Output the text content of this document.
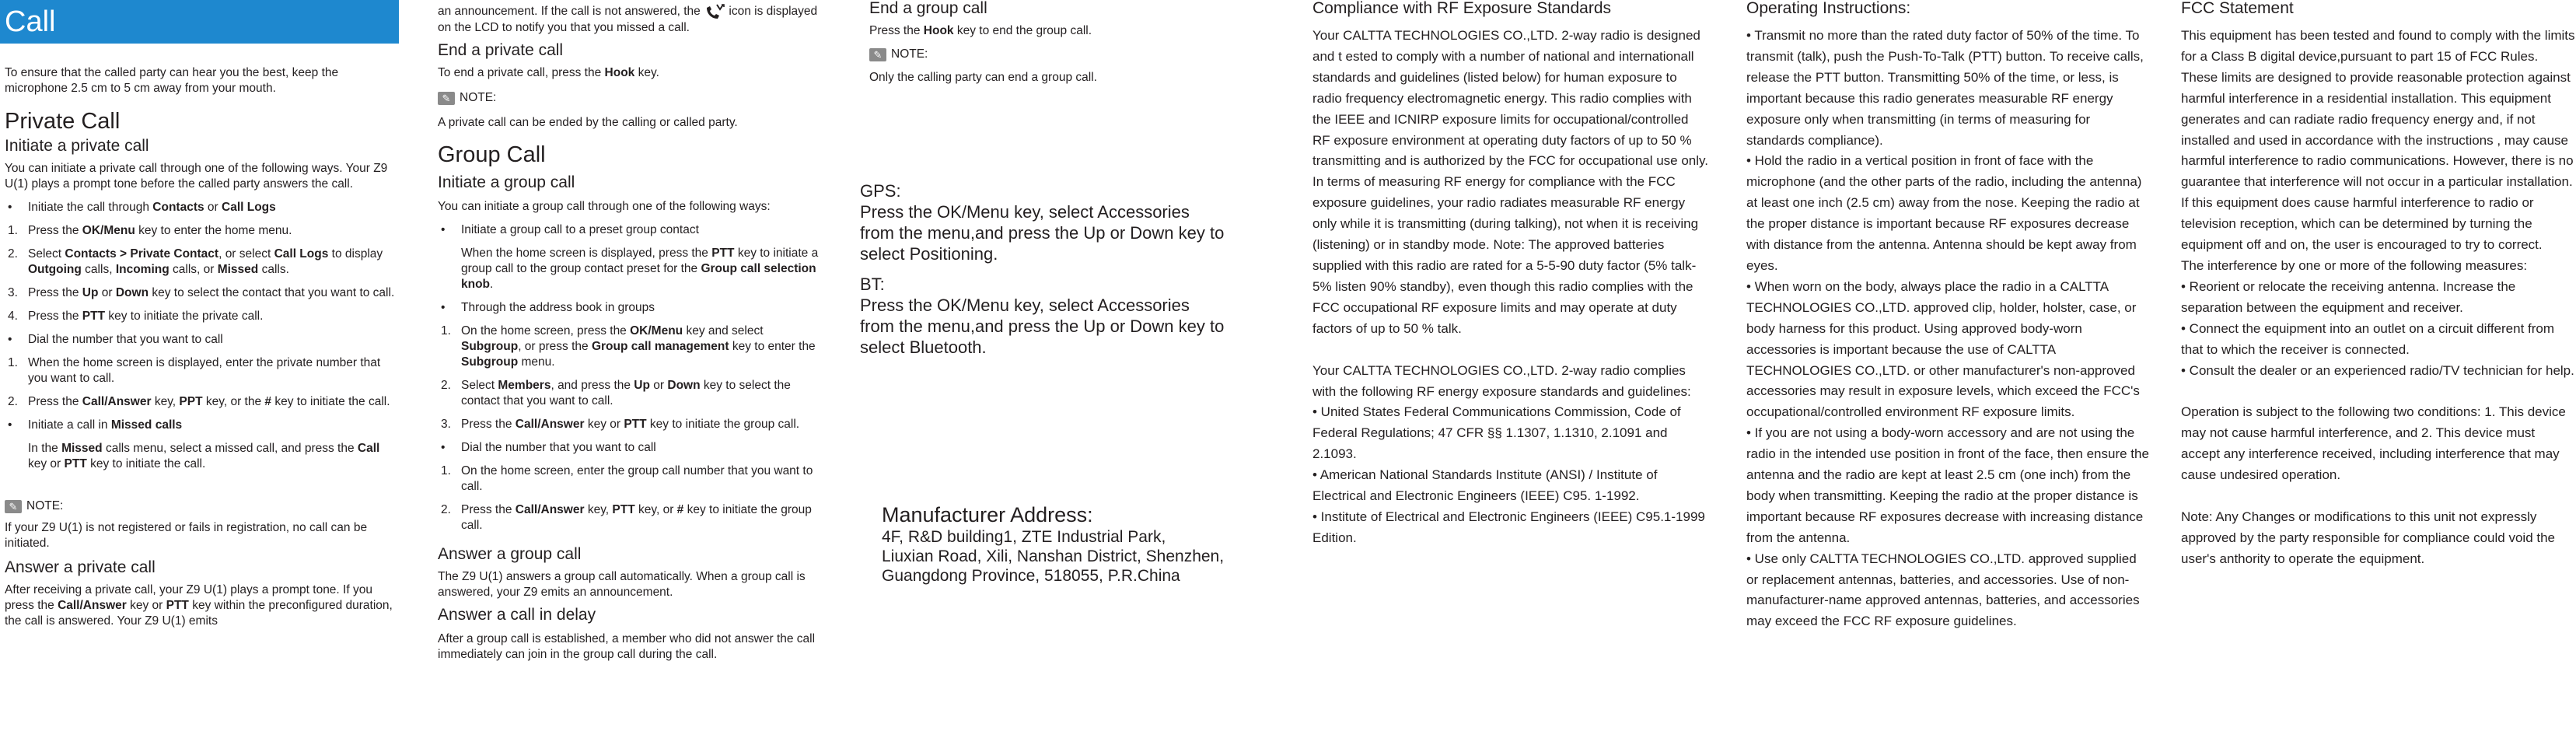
Call

To ensure that the called party can hear you the best, keep the microphone 2.5 cm to 5 cm away from your mouth.

Private Call
Initiate a private call

You can initiate a private call through one of the following ways. Your Z9 U(1) plays a prompt tone before the called party answers the call.

• Initiate the call through Contacts or Call Logs
1. Press the OK/Menu key to enter the home menu.
2. Select Contacts > Private Contact, or select Call Logs to display Outgoing calls, Incoming calls, or Missed calls.
3. Press the Up or Down key to select the contact that you want to call.
4. Press the PTT key to initiate the private call.
• Dial the number that you want to call
1. When the home screen is displayed, enter the private number that you want to call.
2. Press the Call/Answer key, PPT key, or the # key to initiate the call.
• Initiate a call in Missed calls
In the Missed calls menu, select a missed call, and press the Call key or PTT key to initiate the call.
✎ NOTE:

If your Z9 U(1) is not registered or fails in registration, no call can be initiated.

Answer a private call

After receiving a private call, your Z9 U(1) plays a prompt tone. If you press the Call/Answer key or PTT key within the preconfigured duration, the call is answered. Your Z9 U(1) emits

an announcement. If the call is not answered, the icon is displayed on the LCD to notify you that you missed a call.

End a private call

To end a private call, press the Hook key.

✎ NOTE:

A private call can be ended by the calling or called party.

Group Call
Initiate a group call

You can initiate a group call through one of the following ways:

• Initiate a group call to a preset group contact
When the home screen is displayed, press the PTT key to initiate a group call to the group contact preset for the Group call selection knob.
• Through the address book in groups
1. On the home screen, press the OK/Menu key and select Subgroup, or press the Group call management key to enter the Subgroup menu.
2. Select Members, and press the Up or Down key to select the contact that you want to call.
3. Press the Call/Answer key or PTT key to initiate the group call.
• Dial the number that you want to call
1. On the home screen, enter the group call number that you want to call.
2. Press the Call/Answer key, PTT key, or # key to initiate the group call.
Answer a group call

The Z9 U(1) answers a group call automatically. When a group call is answered, your Z9 emits an announcement.

Answer a call in delay

After a group call is established, a member who did not answer the call immediately can join in the group call during the call.

End a group call

Press the Hook key to end the group call.

✎ NOTE:

Only the calling party can end a group call.

GPS:
Press the OK/Menu key, select Accessories from the menu,and press the Up or Down key to select Positioning.
BT:
Press the OK/Menu key, select Accessories from the menu,and press the Up or Down key to select Bluetooth.
Manufacturer Address:
4F, R&D building1, ZTE Industrial Park,
Liuxian Road, Xili, Nanshan District, Shenzhen,
Guangdong Province, 518055, P.R.China
Compliance with RF Exposure Standards

Your CALTTA TECHNOLOGIES CO.,LTD. 2-way radio is designed and t ested to comply with a number of national and internationall standards and guidelines (listed below) for human exposure to radio frequency electromagnetic energy. This radio complies with the IEEE and ICNIRP exposure limits for occupational/controlled RF exposure environment at operating duty factors of up to 50 % transmitting and is authorized by the FCC for occupational use only. In terms of measuring RF energy for compliance with the FCC exposure guidelines, your radio radiates measurable RF energy only while it is transmitting (during talking), not when it is receiving (listening) or in standby mode. Note: The approved batteries supplied with this radio are rated for a 5-5-90 duty factor (5% talk-5% listen 90% standby), even though this radio complies with the FCC occupational RF exposure limits and may operate at duty factors of up to 50 % talk.

Your CALTTA TECHNOLOGIES CO.,LTD. 2-way radio complies with the following RF energy exposure standards and guidelines:

• United States Federal Communications Commission, Code of Federal Regulations; 47 CFR §§ 1.1307, 1.1310, 2.1091 and 2.1093.

• American National Standards Institute (ANSI) / Institute of Electrical and Electronic Engineers (IEEE) C95. 1-1992.

• Institute of Electrical and Electronic Engineers (IEEE) C95.1-1999 Edition.

Operating Instructions:

• Transmit no more than the rated duty factor of 50% of the time. To transmit (talk), push the Push-To-Talk (PTT) button. To receive calls, release the PTT button. Transmitting 50% of the time, or less, is important because this radio generates measurable RF energy exposure only when transmitting (in terms of measuring for standards compliance).

• Hold the radio in a vertical position in front of face with the microphone (and the other parts of the radio, including the antenna) at least one inch (2.5 cm) away from the nose. Keeping the radio at the proper distance is important because RF exposures decrease with distance from the antenna. Antenna should be kept away from eyes.

• When worn on the body, always place the radio in a CALTTA TECHNOLOGIES CO.,LTD. approved clip, holder, holster, case, or body harness for this product. Using approved body-worn accessories is important because the use of CALTTA TECHNOLOGIES CO.,LTD. or other manufacturer's non-approved accessories may result in exposure levels, which exceed the FCC's occupational/controlled environment RF exposure limits.

• If you are not using a body-worn accessory and are not using the radio in the intended use position in front of the face, then ensure the antenna and the radio are kept at least 2.5 cm (one inch) from the body when transmitting. Keeping the radio at the proper distance is important because RF exposures decrease with increasing distance from the antenna.

• Use only CALTTA TECHNOLOGIES CO.,LTD. approved supplied or replacement antennas, batteries, and accessories. Use of non-manufacturer-name approved antennas, batteries, and accessories may exceed the FCC RF exposure guidelines.

FCC Statement

This equipment has been tested and found to comply with the limits for a Class B digital device,pursuant to part 15 of FCC Rules. These limits are designed to provide reasonable protection against harmful interference in a residential installation. This equipment generates and can radiate radio frequency energy and, if not installed and used in accordance with the instructions , may cause harmful interference to radio communications. However, there is no guarantee that interference will not occur in a particular installation. If this equipment does cause harmful interference to radio or television reception, which can be determined by turning the equipment off and on, the user is encouraged to try to correct.

The interference by one or more of the following measures:

• Reorient or relocate the receiving antenna. Increase the separation between the equipment and receiver.

• Connect the equipment into an outlet on a circuit different from that to which the receiver is connected.

• Consult the dealer or an experienced radio/TV technician for help.

Operation is subject to the following two conditions: 1. This device may not cause harmful interference, and 2. This device must accept any interference received, including interference that may cause undesired operation.

Note: Any Changes or modifications to this unit not expressly approved by the party responsible for compliance could void the user's anthority to operate the equipment.
